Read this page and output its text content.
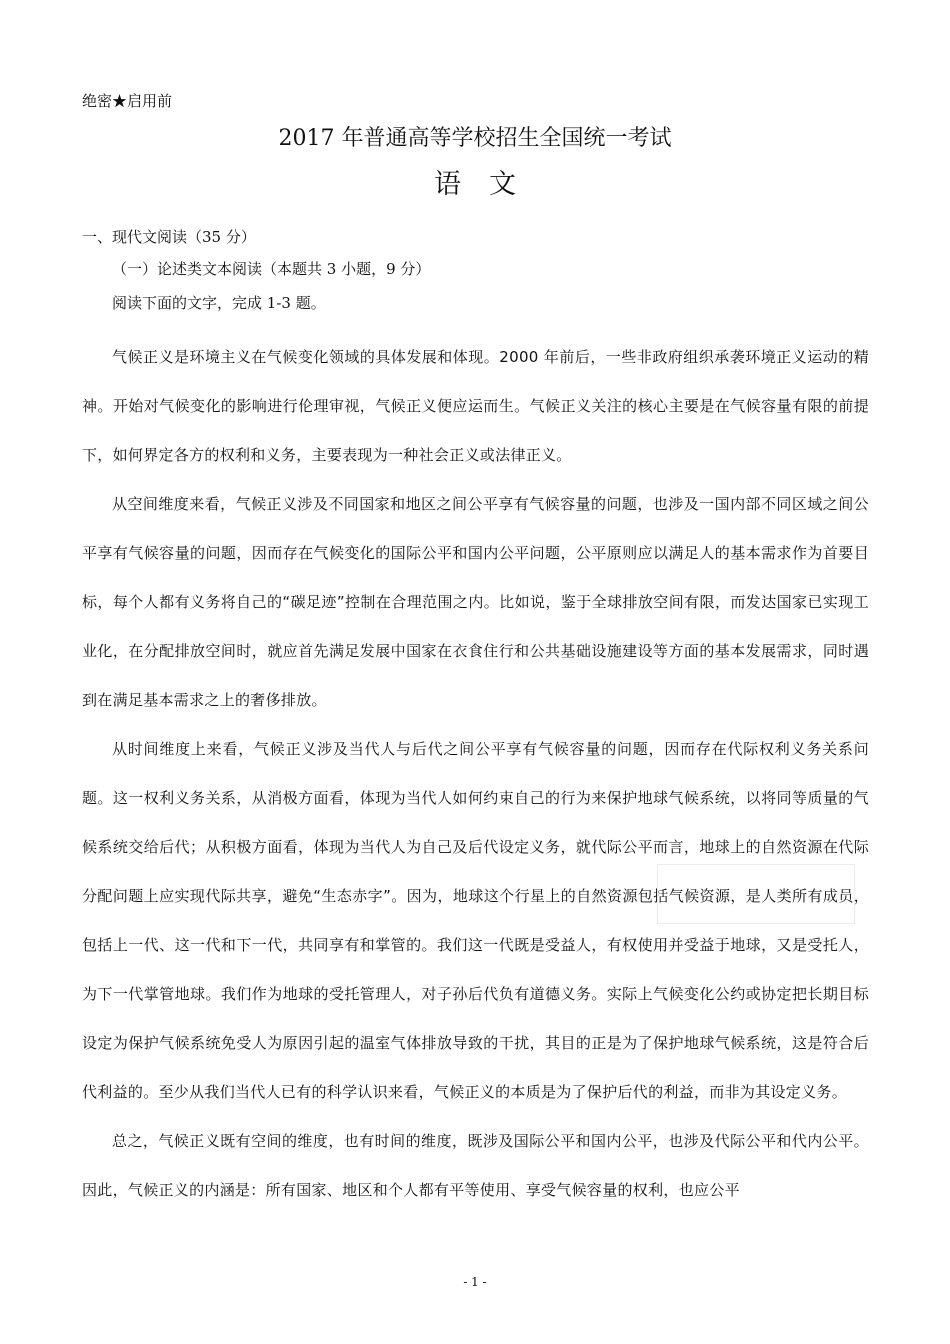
绝密★启用前
2017 年普通高等学校招生全国统一考试
语文
一、现代文阅读（35 分）
（一）论述类文本阅读（本题共 3 小题，9 分）
阅读下面的文字，完成 1-3 题。

气候正义是环境主义在气候变化领域的具体发展和体现。2000 年前后，一些非政府组织承袭环境正义运动的精神。开始对气候变化的影响进行伦理审视，气候正义便应运而生。气候正义关注的核心主要是在气候容量有限的前提下，如何界定各方的权利和义务，主要表现为一种社会正义或法律正义。

从空间维度来看，气候正义涉及不同国家和地区之间公平享有气候容量的问题，也涉及一国内部不同区域之间公平享有气候容量的问题，因而存在气候变化的国际公平和国内公平问题，公平原则应以满足人的基本需求作为首要目标，每个人都有义务将自己的“碳足迹”控制在合理范围之内。比如说，鉴于全球排放空间有限，而发达国家已实现工业化，在分配排放空间时，就应首先满足发展中国家在衣食住行和公共基础设施建设等方面的基本发展需求，同时遇到在满足基本需求之上的奢侈排放。

从时间维度上来看，气候正义涉及当代人与后代之间公平享有气候容量的问题，因而存在代际权利义务关系问题。这一权利义务关系，从消极方面看，体现为当代人如何约束自己的行为来保护地球气候系统，以将同等质量的气候系统交给后代；从积极方面看，体现为当代人为自己及后代设定义务，就代际公平而言，地球上的自然资源在代际分配问题上应实现代际共享，避免“生态赤字”。因为，地球这个行星上的自然资源包括气候资源，是人类所有成员，包括上一代、这一代和下一代，共同享有和掌管的。我们这一代既是受益人，有权使用并受益于地球，又是受托人，为下一代掌管地球。我们作为地球的受托管理人，对子孙后代负有道德义务。实际上气候变化公约或协定把长期目标设定为保护气候系统免受人为原因引起的温室气体排放导致的干扰，其目的正是为了保护地球气候系统，这是符合后代利益的。至少从我们当代人已有的科学认识来看，气候正义的本质是为了保护后代的利益，而非为其设定义务。

总之，气候正义既有空间的维度，也有时间的维度，既涉及国际公平和国内公平，也涉及代际公平和代内公平。因此，气候正义的内涵是：所有国家、地区和个人都有平等使用、享受气候容量的权利，也应公平

- 1 -
